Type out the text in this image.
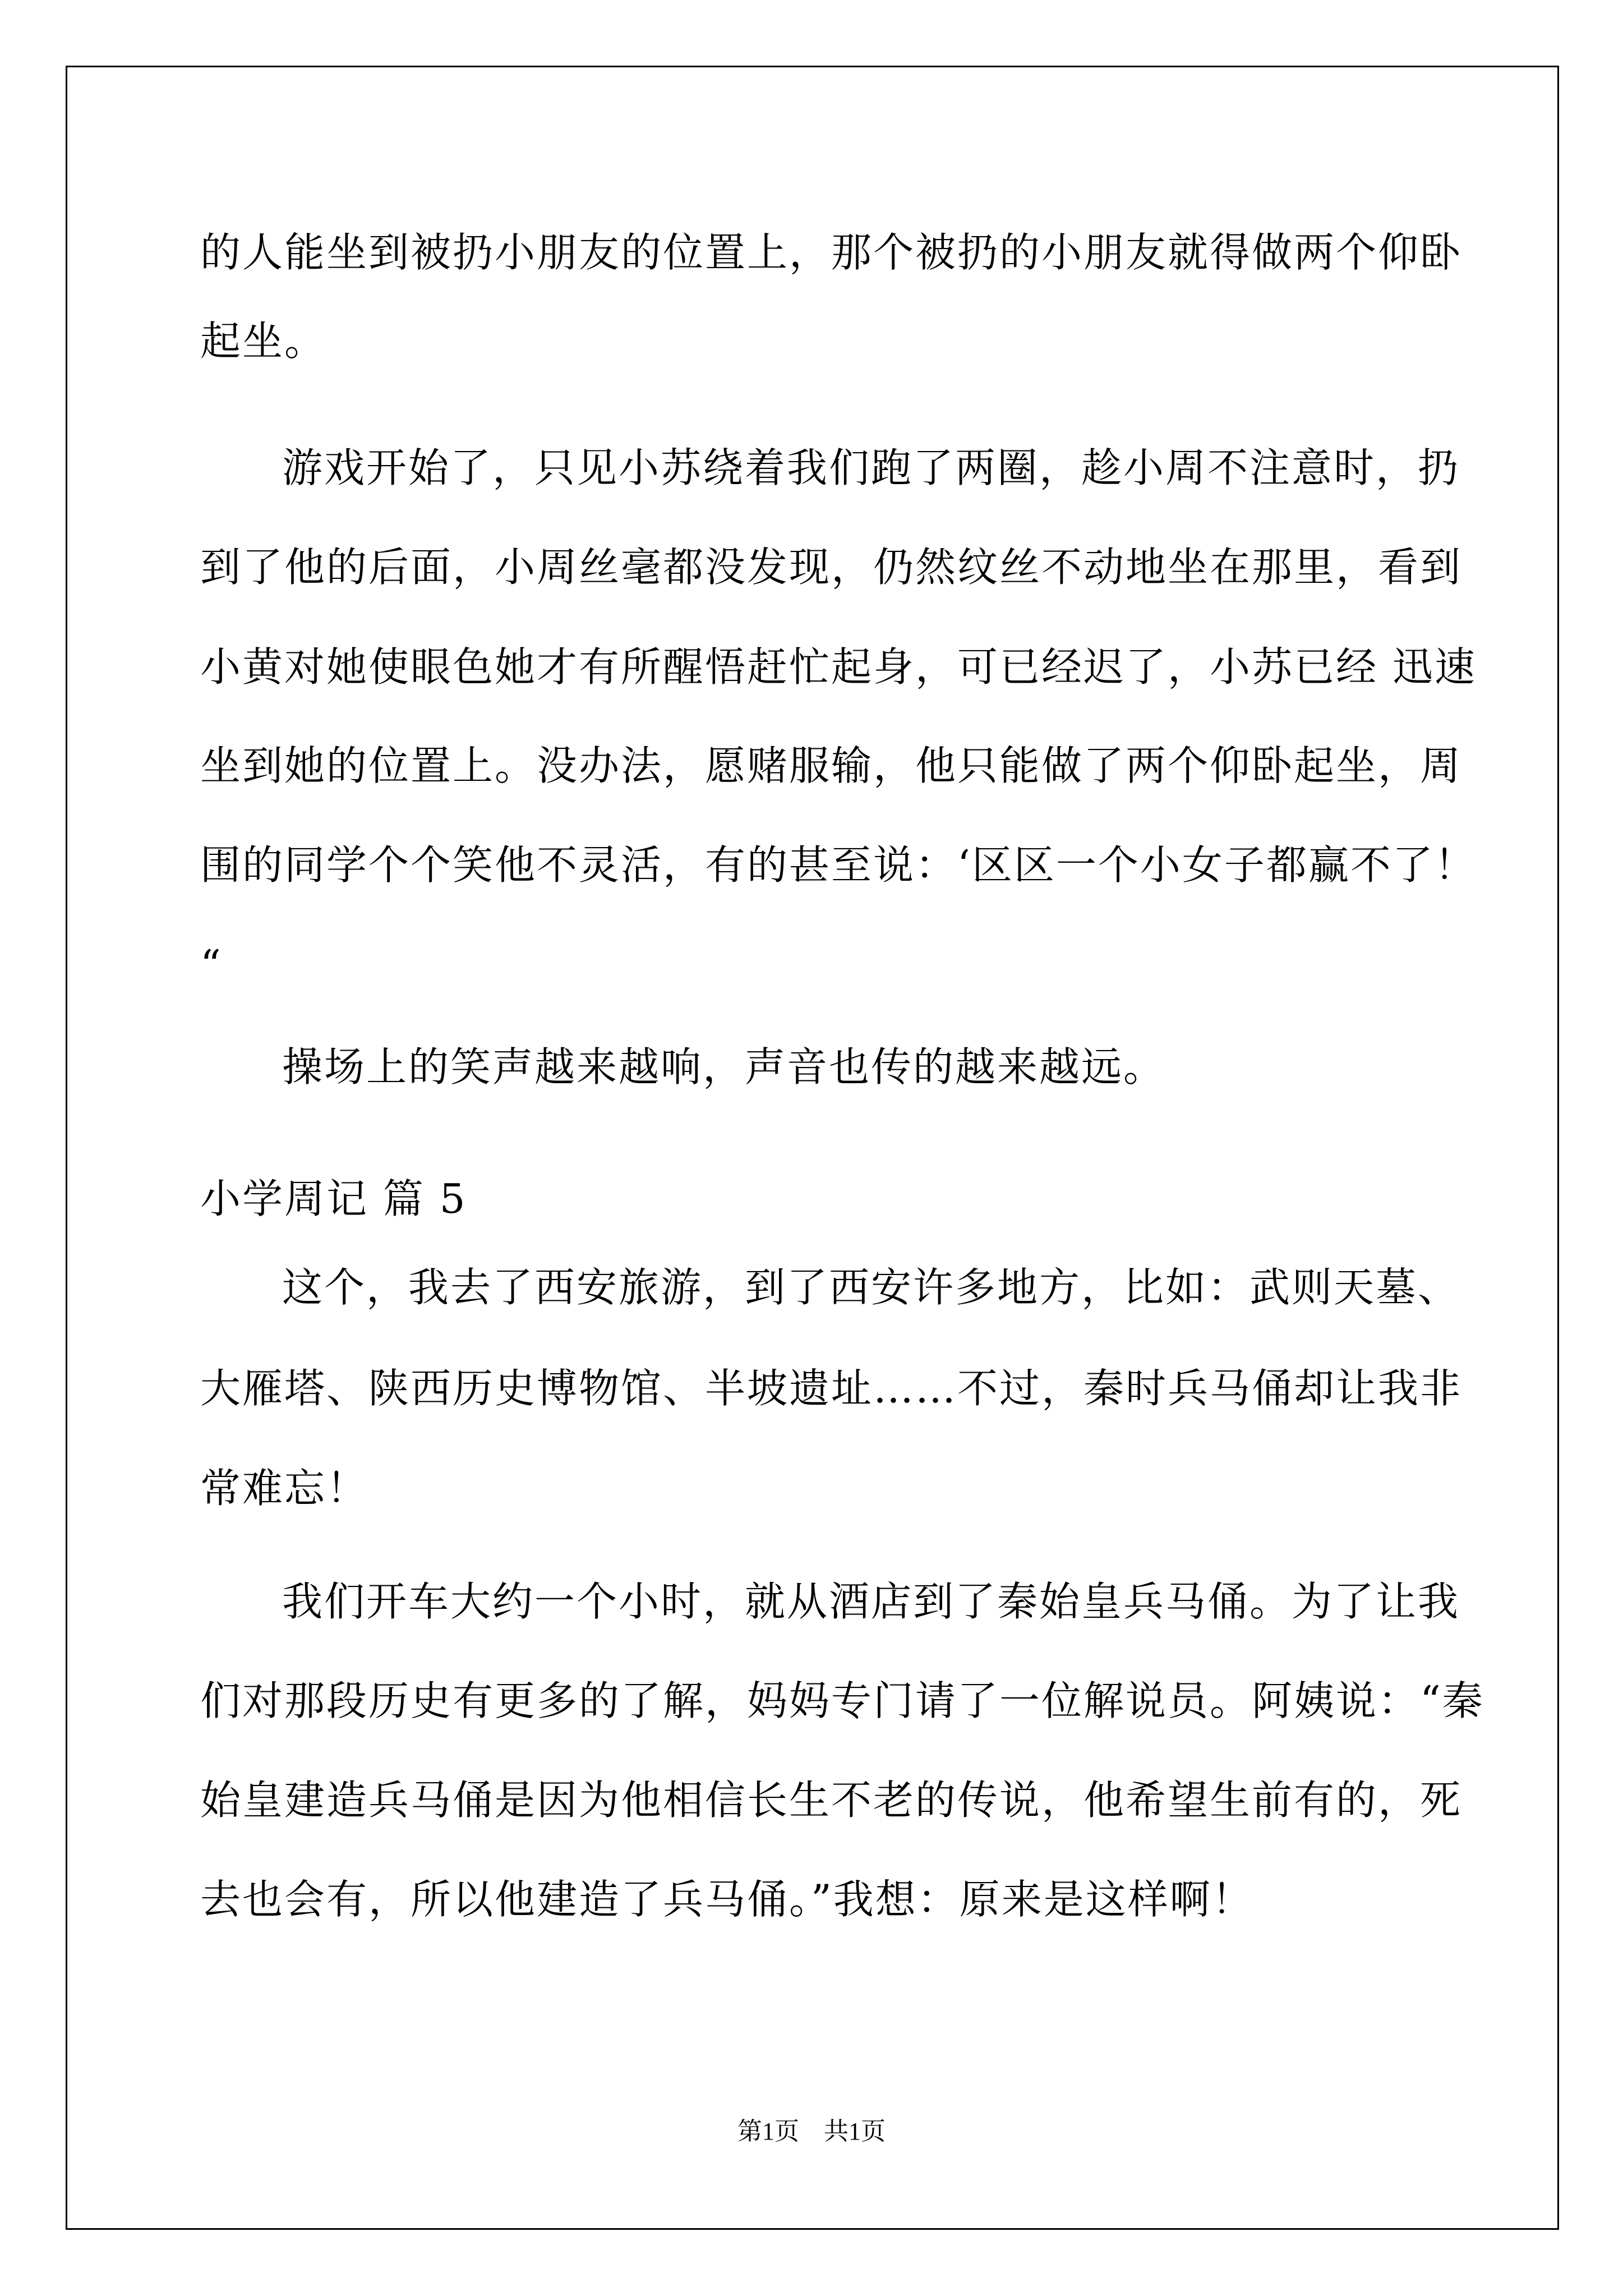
的人能坐到被扔小朋友的位置上，那个被扔的小朋友就得做两个仰卧
起坐。
游戏开始了，只见小苏绕着我们跑了两圈，趁小周不注意时，扔
到了他的后面，小周丝毫都没发现，仍然纹丝不动地坐在那里，看到
小黄对她使眼色她才有所醒悟赶忙起身，可已经迟了，小苏已经 迅速
坐到她的位置上。没办法，愿赌服输，他只能做了两个仰卧起坐，周
围的同学个个笑他不灵活，有的甚至说：‘区区一个小女子都赢不了！
“
操场上的笑声越来越响，声音也传的越来越远。
小学周记 篇 5
这个，我去了西安旅游，到了西安许多地方，比如：武则天墓、
大雁塔、陕西历史博物馆、半坡遗址……不过，秦时兵马俑却让我非
常难忘！
我们开车大约一个小时，就从酒店到了秦始皇兵马俑。为了让我
们对那段历史有更多的了解，妈妈专门请了一位解说员。阿姨说：“秦
始皇建造兵马俑是因为他相信长生不老的传说，他希望生前有的，死
去也会有，所以他建造了兵马俑。”我想：原来是这样啊！
第1页　共1页
